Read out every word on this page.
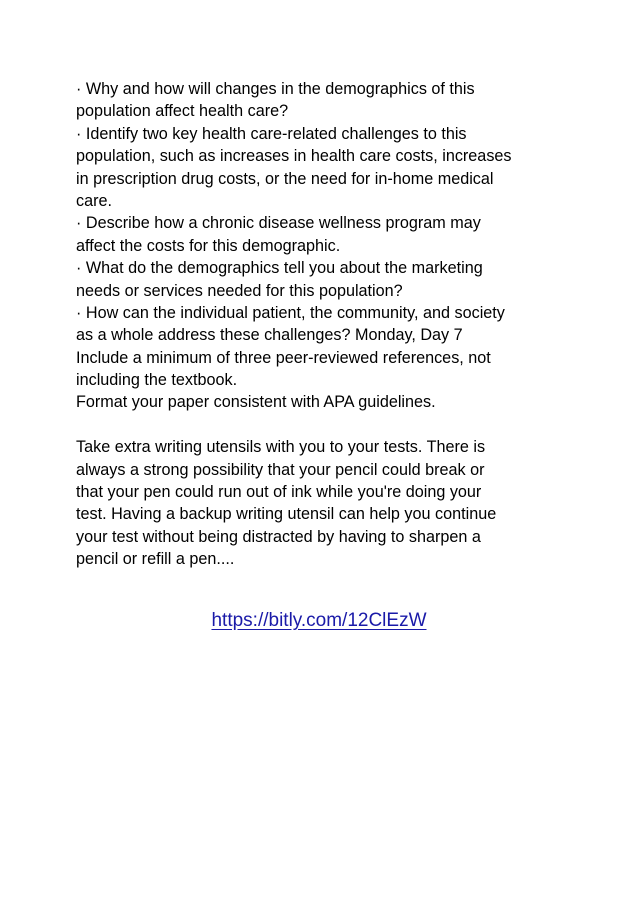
· Why and how will changes in the demographics of this
population affect health care?
· Identify two key health care-related challenges to this
population, such as increases in health care costs, increases
in prescription drug costs, or the need for in-home medical
care.
· Describe how a chronic disease wellness program may
affect the costs for this demographic.
· What do the demographics tell you about the marketing
needs or services needed for this population?
· How can the individual patient, the community, and society
as a whole address these challenges? Monday, Day 7
Include a minimum of three peer-reviewed references, not
including the textbook.
Format your paper consistent with APA guidelines.
Take extra writing utensils with you to your tests. There is
always a strong possibility that your pencil could break or
that your pen could run out of ink while you're doing your
test. Having a backup writing utensil can help you continue
your test without being distracted by having to sharpen a
pencil or refill a pen....
https://bitly.com/12ClEzW
